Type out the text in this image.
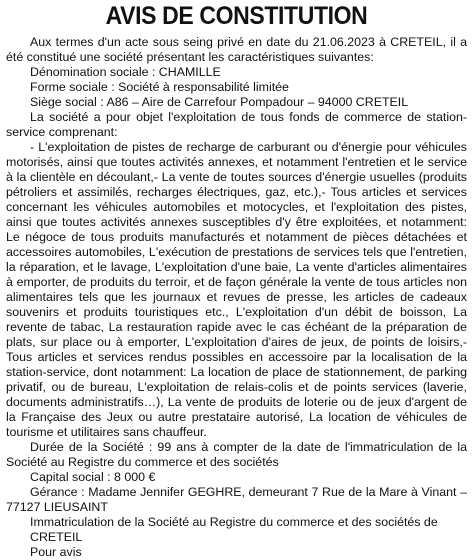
AVIS DE CONSTITUTION

Aux termes d'un acte sous seing privé en date du 21.06.2023 à CRETEIL, il a été constitué une société présentant les caractéristiques suivantes:

Dénomination sociale : CHAMILLE

Forme sociale : Société à responsabilité limitée

Siège social : A86 – Aire de Carrefour Pompadour – 94000 CRETEIL

La société a pour objet l'exploitation de tous fonds de commerce de station-service comprenant:

- L'exploitation de pistes de recharge de carburant ou d'énergie pour véhicules motorisés, ainsi que toutes activités annexes, et notamment l'entretien et le service à la clientèle en découlant,- La vente de toutes sources d'énergie usuelles (produits pétroliers et assimilés, recharges électriques, gaz, etc.),- Tous articles et services concernant les véhicules automobiles et motocycles, et l'exploitation des pistes, ainsi que toutes activités annexes susceptibles d'y être exploitées, et notamment: Le négoce de tous produits manufacturés et notamment de pièces détachées et accessoires automobiles, L'exécution de prestations de services tels que l'entretien, la réparation, et le lavage, L'exploitation d'une baie, La vente d'articles alimentaires à emporter, de produits du terroir, et de façon générale la vente de tous articles non alimentaires tels que les journaux et revues de presse, les articles de cadeaux souvenirs et produits touristiques etc., L'exploitation d'un débit de boisson, La revente de tabac, La restauration rapide avec le cas échéant de la préparation de plats, sur place ou à emporter, L'exploitation d'aires de jeux, de points de loisirs,- Tous articles et services rendus possibles en accessoire par la localisation de la station-service, dont notamment: La location de place de stationnement, de parking privatif, ou de bureau, L'exploitation de relais-colis et de points services (laverie, documents administratifs…), La vente de produits de loterie ou de jeux d'argent de la Française des Jeux ou autre prestataire autorisé, La location de véhicules de tourisme et utilitaires sans chauffeur.

Durée de la Société : 99 ans à compter de la date de l'immatriculation de la Société au Registre du commerce et des sociétés

Capital social : 8 000 €

Gérance : Madame Jennifer GEGHRE, demeurant 7 Rue de la Mare à Vinant – 77127 LIEUSAINT

Immatriculation de la Société au Registre du commerce et des sociétés de CRETEIL

Pour avis
